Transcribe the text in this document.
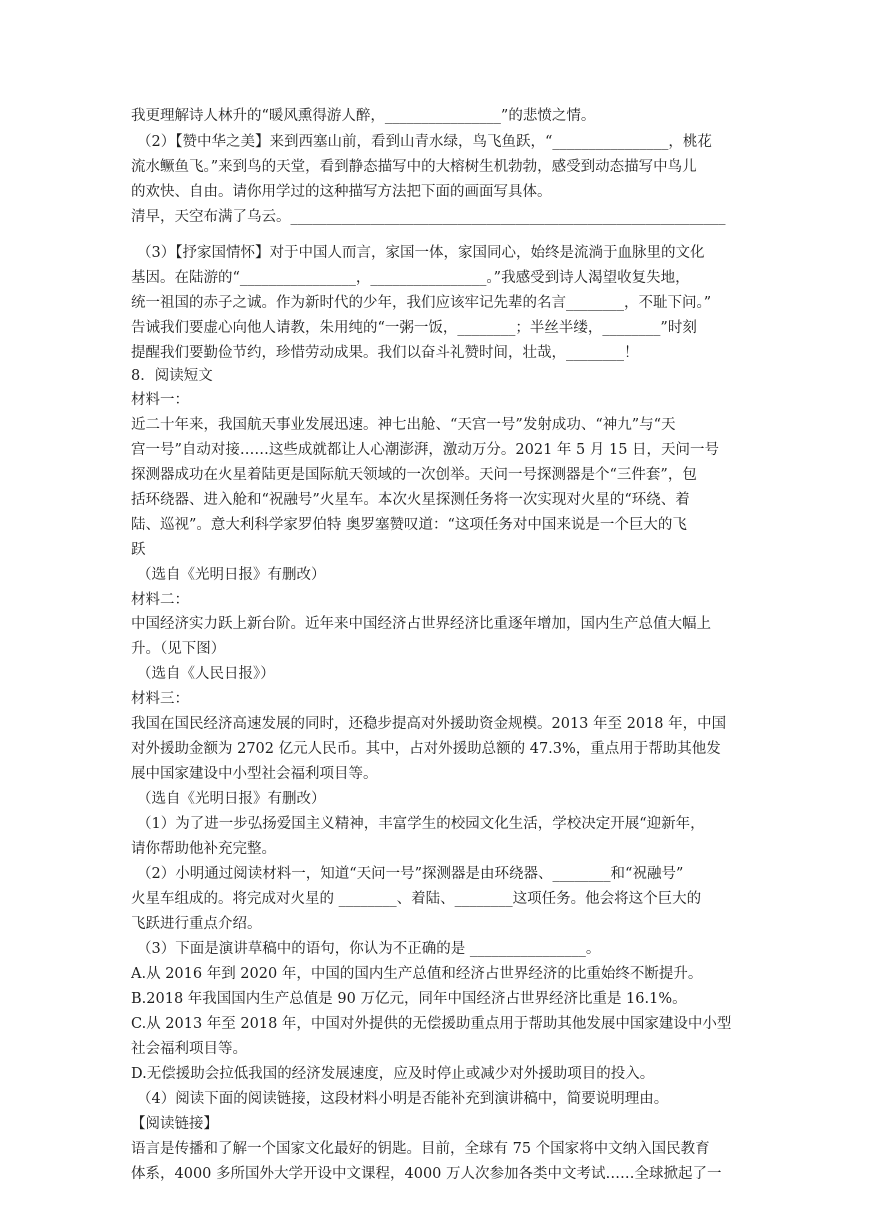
我更理解诗人林升的“暖风熏得游人醉，________________”的悲愤之情。
（2）【赞中华之美】来到西塞山前，看到山青水绿，鸟飞鱼跃，“________________，桃花
流水鳜鱼飞。”来到鸟的天堂，看到静态描写中的大榕树生机勃勃，感受到动态描写中鸟儿
的欢快、自由。请你用学过的这种描写方法把下面的画面写具体。
清早，天空布满了乌云。____________________________________________________________
（3）【抒家国情怀】对于中国人而言，家国一体，家国同心，始终是流淌于血脉里的文化
基因。在陆游的“________________，________________。”我感受到诗人渴望收复失地，
统一祖国的赤子之诚。作为新时代的少年，我们应该牢记先辈的名言________，不耻下问。”
告诫我们要虚心向他人请教，朱用纯的“一粥一饭，________；半丝半缕，________”时刻
提醒我们要勤俭节约，珍惜劳动成果。我们以奋斗礼赞时间，壮哉，________！
8．阅读短文
材料一：
近二十年来，我国航天事业发展迅速。神七出舱、“天宫一号”发射成功、“神九”与“天
宫一号”自动对接……这些成就都让人心潮澎湃，激动万分。2021 年 5 月 15 日，天问一号
探测器成功在火星着陆更是国际航天领域的一次创举。天问一号探测器是个“三件套”，包
括环绕器、进入舱和“祝融号”火星车。本次火星探测任务将一次实现对火星的“环绕、着
陆、巡视”。意大利科学家罗伯特 奥罗塞赞叹道：“这项任务对中国来说是一个巨大的飞
跃
（选自《光明日报》有删改）
材料二：
中国经济实力跃上新台阶。近年来中国经济占世界经济比重逐年增加，国内生产总值大幅上
升。（见下图）
（选自《人民日报》）
材料三：
我国在国民经济高速发展的同时，还稳步提高对外援助资金规模。2013 年至 2018 年，中国
对外援助金额为 2702 亿元人民币。其中，占对外援助总额的 47.3%，重点用于帮助其他发
展中国家建设中小型社会福利项目等。
（选自《光明日报》有删改）
（1）为了进一步弘扬爱国主义精神，丰富学生的校园文化生活，学校决定开展“迎新年，
请你帮助他补充完整。
（2）小明通过阅读材料一，知道“天问一号”探测器是由环绕器、________和“祝融号”
火星车组成的。将完成对火星的 ________、着陆、________这项任务。他会将这个巨大的
飞跃进行重点介绍。
（3）下面是演讲草稿中的语句，你认为不正确的是 ________________。
A.从 2016 年到 2020 年，中国的国内生产总值和经济占世界经济的比重始终不断提升。
B.2018 年我国国内生产总值是 90 万亿元，同年中国经济占世界经济比重是 16.1%。
C.从 2013 年至 2018 年，中国对外提供的无偿援助重点用于帮助其他发展中国家建设中小型
社会福利项目等。
D.无偿援助会拉低我国的经济发展速度，应及时停止或减少对外援助项目的投入。
（4）阅读下面的阅读链接，这段材料小明是否能补充到演讲稿中，简要说明理由。
【阅读链接】
语言是传播和了解一个国家文化最好的钥匙。目前，全球有 75 个国家将中文纳入国民教育
体系，4000 多所国外大学开设中文课程，4000 万人次参加各类中文考试……全球掀起了一
